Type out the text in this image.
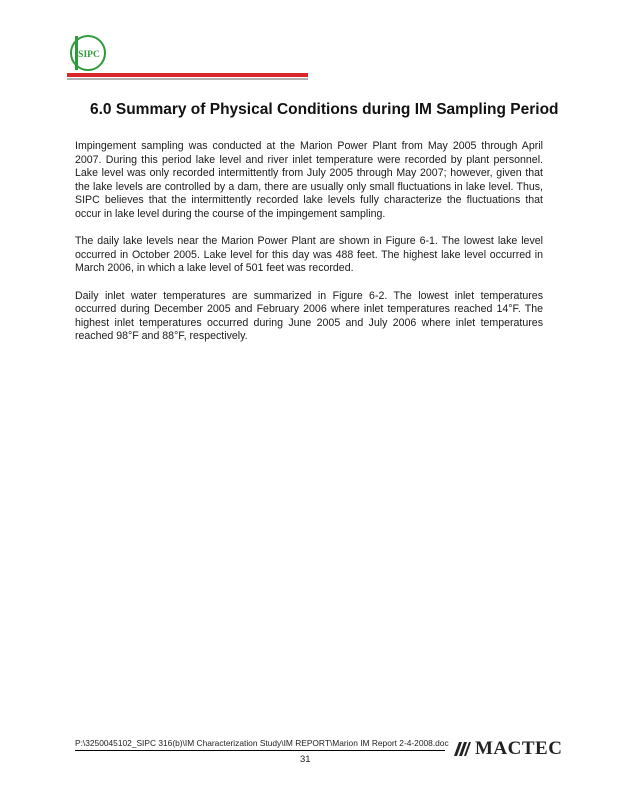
SIPC
6.0 Summary of Physical Conditions during IM Sampling Period

Impingement sampling was conducted at the Marion Power Plant from May 2005 through April 2007. During this period lake level and river inlet temperature were recorded by plant personnel. Lake level was only recorded intermittently from July 2005 through May 2007; however, given that the lake levels are controlled by a dam, there are usually only small fluctuations in lake level. Thus, SIPC believes that the intermittently recorded lake levels fully characterize the fluctuations that occur in lake level during the course of the impingement sampling.

The daily lake levels near the Marion Power Plant are shown in Figure 6-1. The lowest lake level occurred in October 2005. Lake level for this day was 488 feet. The highest lake level occurred in March 2006, in which a lake level of 501 feet was recorded.

Daily inlet water temperatures are summarized in Figure 6-2. The lowest inlet temperatures occurred during December 2005 and February 2006 where inlet temperatures reached 14°F. The highest inlet temperatures occurred during June 2005 and July 2006 where inlet temperatures reached 98°F and 88°F, respectively.

P:\3250045102_SIPC 316(b)\IM Characterization Study\IM REPORT\Marion IM Report 2-4-2008.doc
31
MACTEC
